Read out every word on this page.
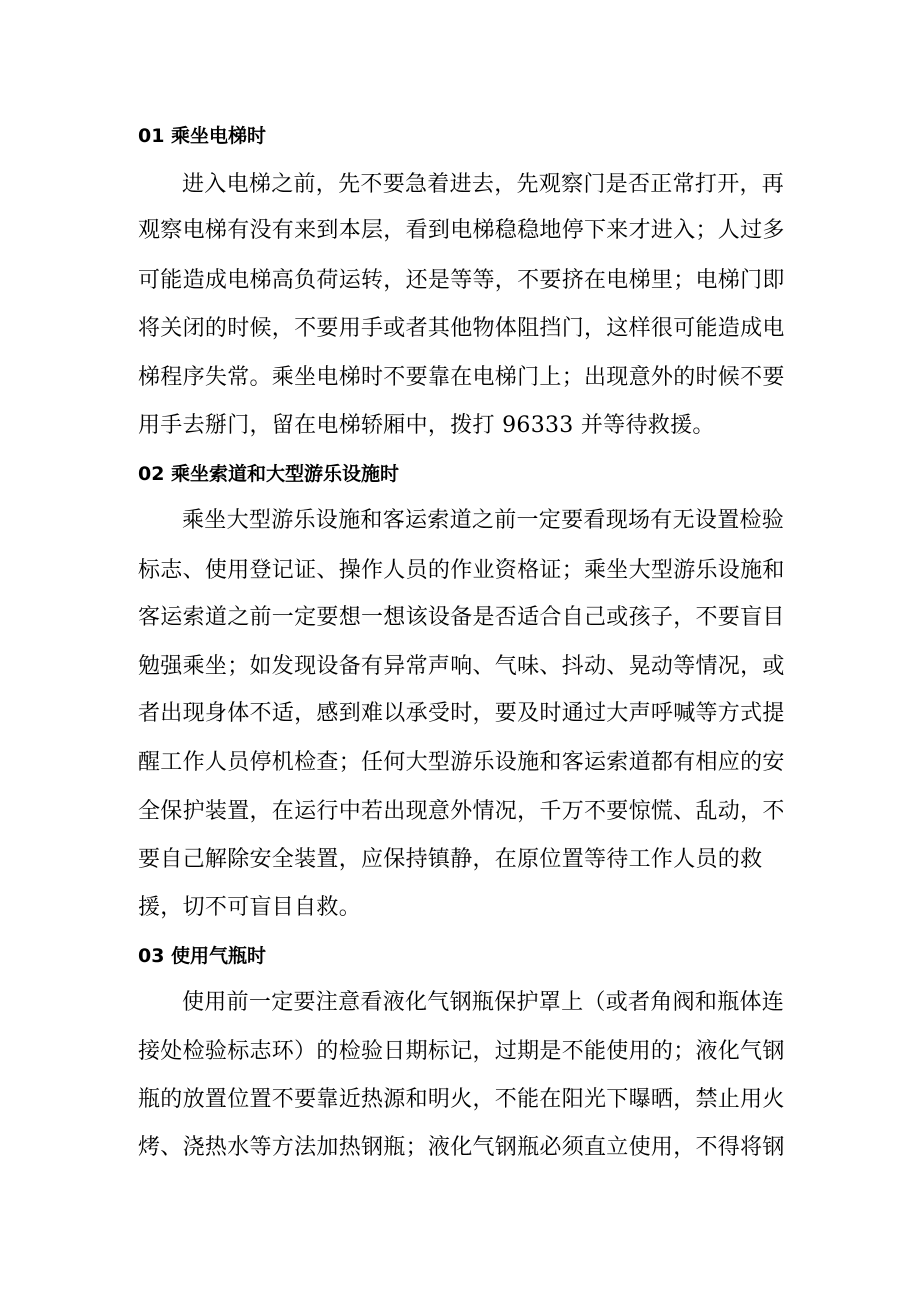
01 乘坐电梯时
进入电梯之前，先不要急着进去，先观察门是否正常打开，再
观察电梯有没有来到本层，看到电梯稳稳地停下来才进入；人过多
可能造成电梯高负荷运转，还是等等，不要挤在电梯里；电梯门即
将关闭的时候，不要用手或者其他物体阻挡门，这样很可能造成电
梯程序失常。乘坐电梯时不要靠在电梯门上；出现意外的时候不要
用手去掰门，留在电梯轿厢中，拨打 96333 并等待救援。
02 乘坐索道和大型游乐设施时
乘坐大型游乐设施和客运索道之前一定要看现场有无设置检验
标志、使用登记证、操作人员的作业资格证；乘坐大型游乐设施和
客运索道之前一定要想一想该设备是否适合自己或孩子，不要盲目
勉强乘坐；如发现设备有异常声响、气味、抖动、晃动等情况，或
者出现身体不适，感到难以承受时，要及时通过大声呼喊等方式提
醒工作人员停机检查；任何大型游乐设施和客运索道都有相应的安
全保护装置，在运行中若出现意外情况，千万不要惊慌、乱动，不
要自己解除安全装置，应保持镇静，在原位置等待工作人员的救
援，切不可盲目自救。
03 使用气瓶时
使用前一定要注意看液化气钢瓶保护罩上（或者角阀和瓶体连
接处检验标志环）的检验日期标记，过期是不能使用的；液化气钢
瓶的放置位置不要靠近热源和明火，不能在阳光下曝晒，禁止用火
烤、浇热水等方法加热钢瓶；液化气钢瓶必须直立使用，不得将钢
